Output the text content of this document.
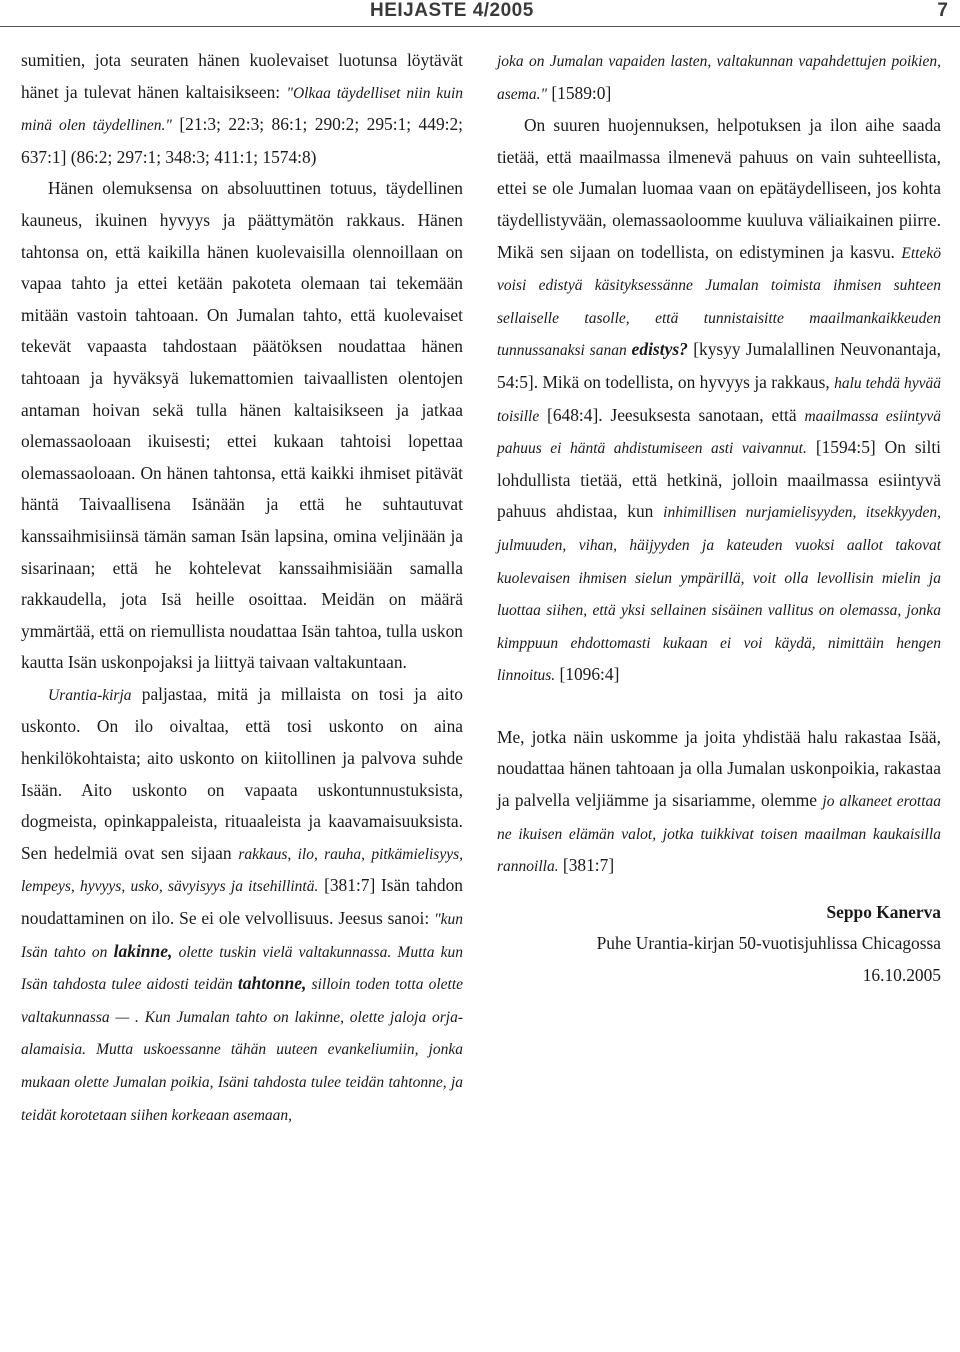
HEIJASTE 4/2005	7

sumitien, jota seuraten hänen kuolevaiset luotunsa löytävät hänet ja tulevat hänen kaltaisikseen: "Olkaa täydelliset niin kuin minä olen täydellinen." [21:3; 22:3; 86:1; 290:2; 295:1; 449:2; 637:1] (86:2; 297:1; 348:3; 411:1; 1574:8)

Hänen olemuksensa on absoluuttinen totuus, täydellinen kauneus, ikuinen hyvyys ja päättymätön rakkaus. Hänen tahtonsa on, että kaikilla hänen kuolevaisilla olennoillaan on vapaa tahto ja ettei ketään pakoteta olemaan tai tekemään mitään vastoin tahtoaan. On Jumalan tahto, että kuolevaiset tekevät vapaasta tahdostaan päätöksen noudattaa hänen tahtoaan ja hyväksyä lukemattomien taivaallisten olentojen antaman hoivan sekä tulla hänen kaltaisikseen ja jatkaa olemassaoloaan ikuisesti; ettei kukaan tahtoisi lopettaa olemassaoloaan. On hänen tahtonsa, että kaikki ihmiset pitävät häntä Taivaallisena Isänään ja että he suhtautuvat kanssaihmisiinsä tämän saman Isän lapsina, omina veljinään ja sisarinaan; että he kohtelevat kanssaihmisiään samalla rakkaudella, jota Isä heille osoittaa. Meidän on määrä ymmärtää, että on riemullista noudattaa Isän tahtoa, tulla uskon kautta Isän uskonpojaksi ja liittyä taivaan valtakuntaan.

Urantia-kirja paljastaa, mitä ja millaista on tosi ja aito uskonto. On ilo oivaltaa, että tosi uskonto on aina henkilökohtaista; aito uskonto on kiitollinen ja palvova suhde Isään. Aito uskonto on vapaata uskontunnustuksista, dogmeista, opinkappaleista, rituaaleista ja kaavamaisuuksista. Sen hedelmiä ovat sen sijaan rakkaus, ilo, rauha, pitkämielisyys, lempeys, hyvyys, usko, sävyisyys ja itsehillintä. [381:7] Isän tahdon noudattaminen on ilo. Se ei ole velvollisuus. Jeesus sanoi: "kun Isän tahto on lakinne, olette tuskin vielä valtakunnassa. Mutta kun Isän tahdosta tulee aidosti teidän tahtonne, silloin toden totta olette valtakunnassa — . Kun Jumalan tahto on lakinne, olette jaloja orja-alamaisia. Mutta uskoessanne tähän uuteen evankeliumiin, jonka mukaan olette Jumalan poikia, Isäni tahdosta tulee teidän tahtonne, ja teidät korotetaan siihen korkeaan asemaan,

joka on Jumalan vapaiden lasten, valtakunnan vapahdettujen poikien, asema." [1589:0]

On suuren huojennuksen, helpotuksen ja ilon aihe saada tietää, että maailmassa ilmenevä pahuus on vain suhteellista, ettei se ole Jumalan luomaa vaan on epätäydelliseen, jos kohta täydellistyvään, olemassaoloomme kuuluva väliaikainen piirre. Mikä sen sijaan on todellista, on edistyminen ja kasvu. Ettekö voisi edistyä käsityksessänne Jumalan toimista ihmisen suhteen sellaiselle tasolle, että tunnistaisitte maailmankaikkeuden tunnussanaksi sanan edistys? [kysyy Jumalallinen Neuvonantaja, 54:5]. Mikä on todellista, on hyvyys ja rakkaus, halu tehdä hyvää toisille [648:4]. Jeesuksesta sanotaan, että maailmassa esiintyvä pahuus ei häntä ahdistumiseen asti vaivannut. [1594:5] On silti lohdullista tietää, että hetkinä, jolloin maailmassa esiintyvä pahuus ahdistaa, kun inhimillisen nurjamielisyyden, itsekkyyden, julmuuden, vihan, häijyyden ja kateuden vuoksi aallot takovat kuolevaisen ihmisen sielun ympärillä, voit olla levollisin mielin ja luottaa siihen, että yksi sellainen sisäinen vallitus on olemassa, jonka kimppuun ehdottomasti kukaan ei voi käydä, nimittäin hengen linnoitus. [1096:4]

Me, jotka näin uskomme ja joita yhdistää halu rakastaa Isää, noudattaa hänen tahtoaan ja olla Jumalan uskonpoikia, rakastaa ja palvella veljiämme ja sisariamme, olemme jo alkaneet erottaa ne ikuisen elämän valot, jotka tuikkivat toisen maailman kaukaisilla rannoilla. [381:7]

Seppo Kanerva

Puhe Urantia-kirjan 50-vuotisjuhlissa Chicagossa

16.10.2005
